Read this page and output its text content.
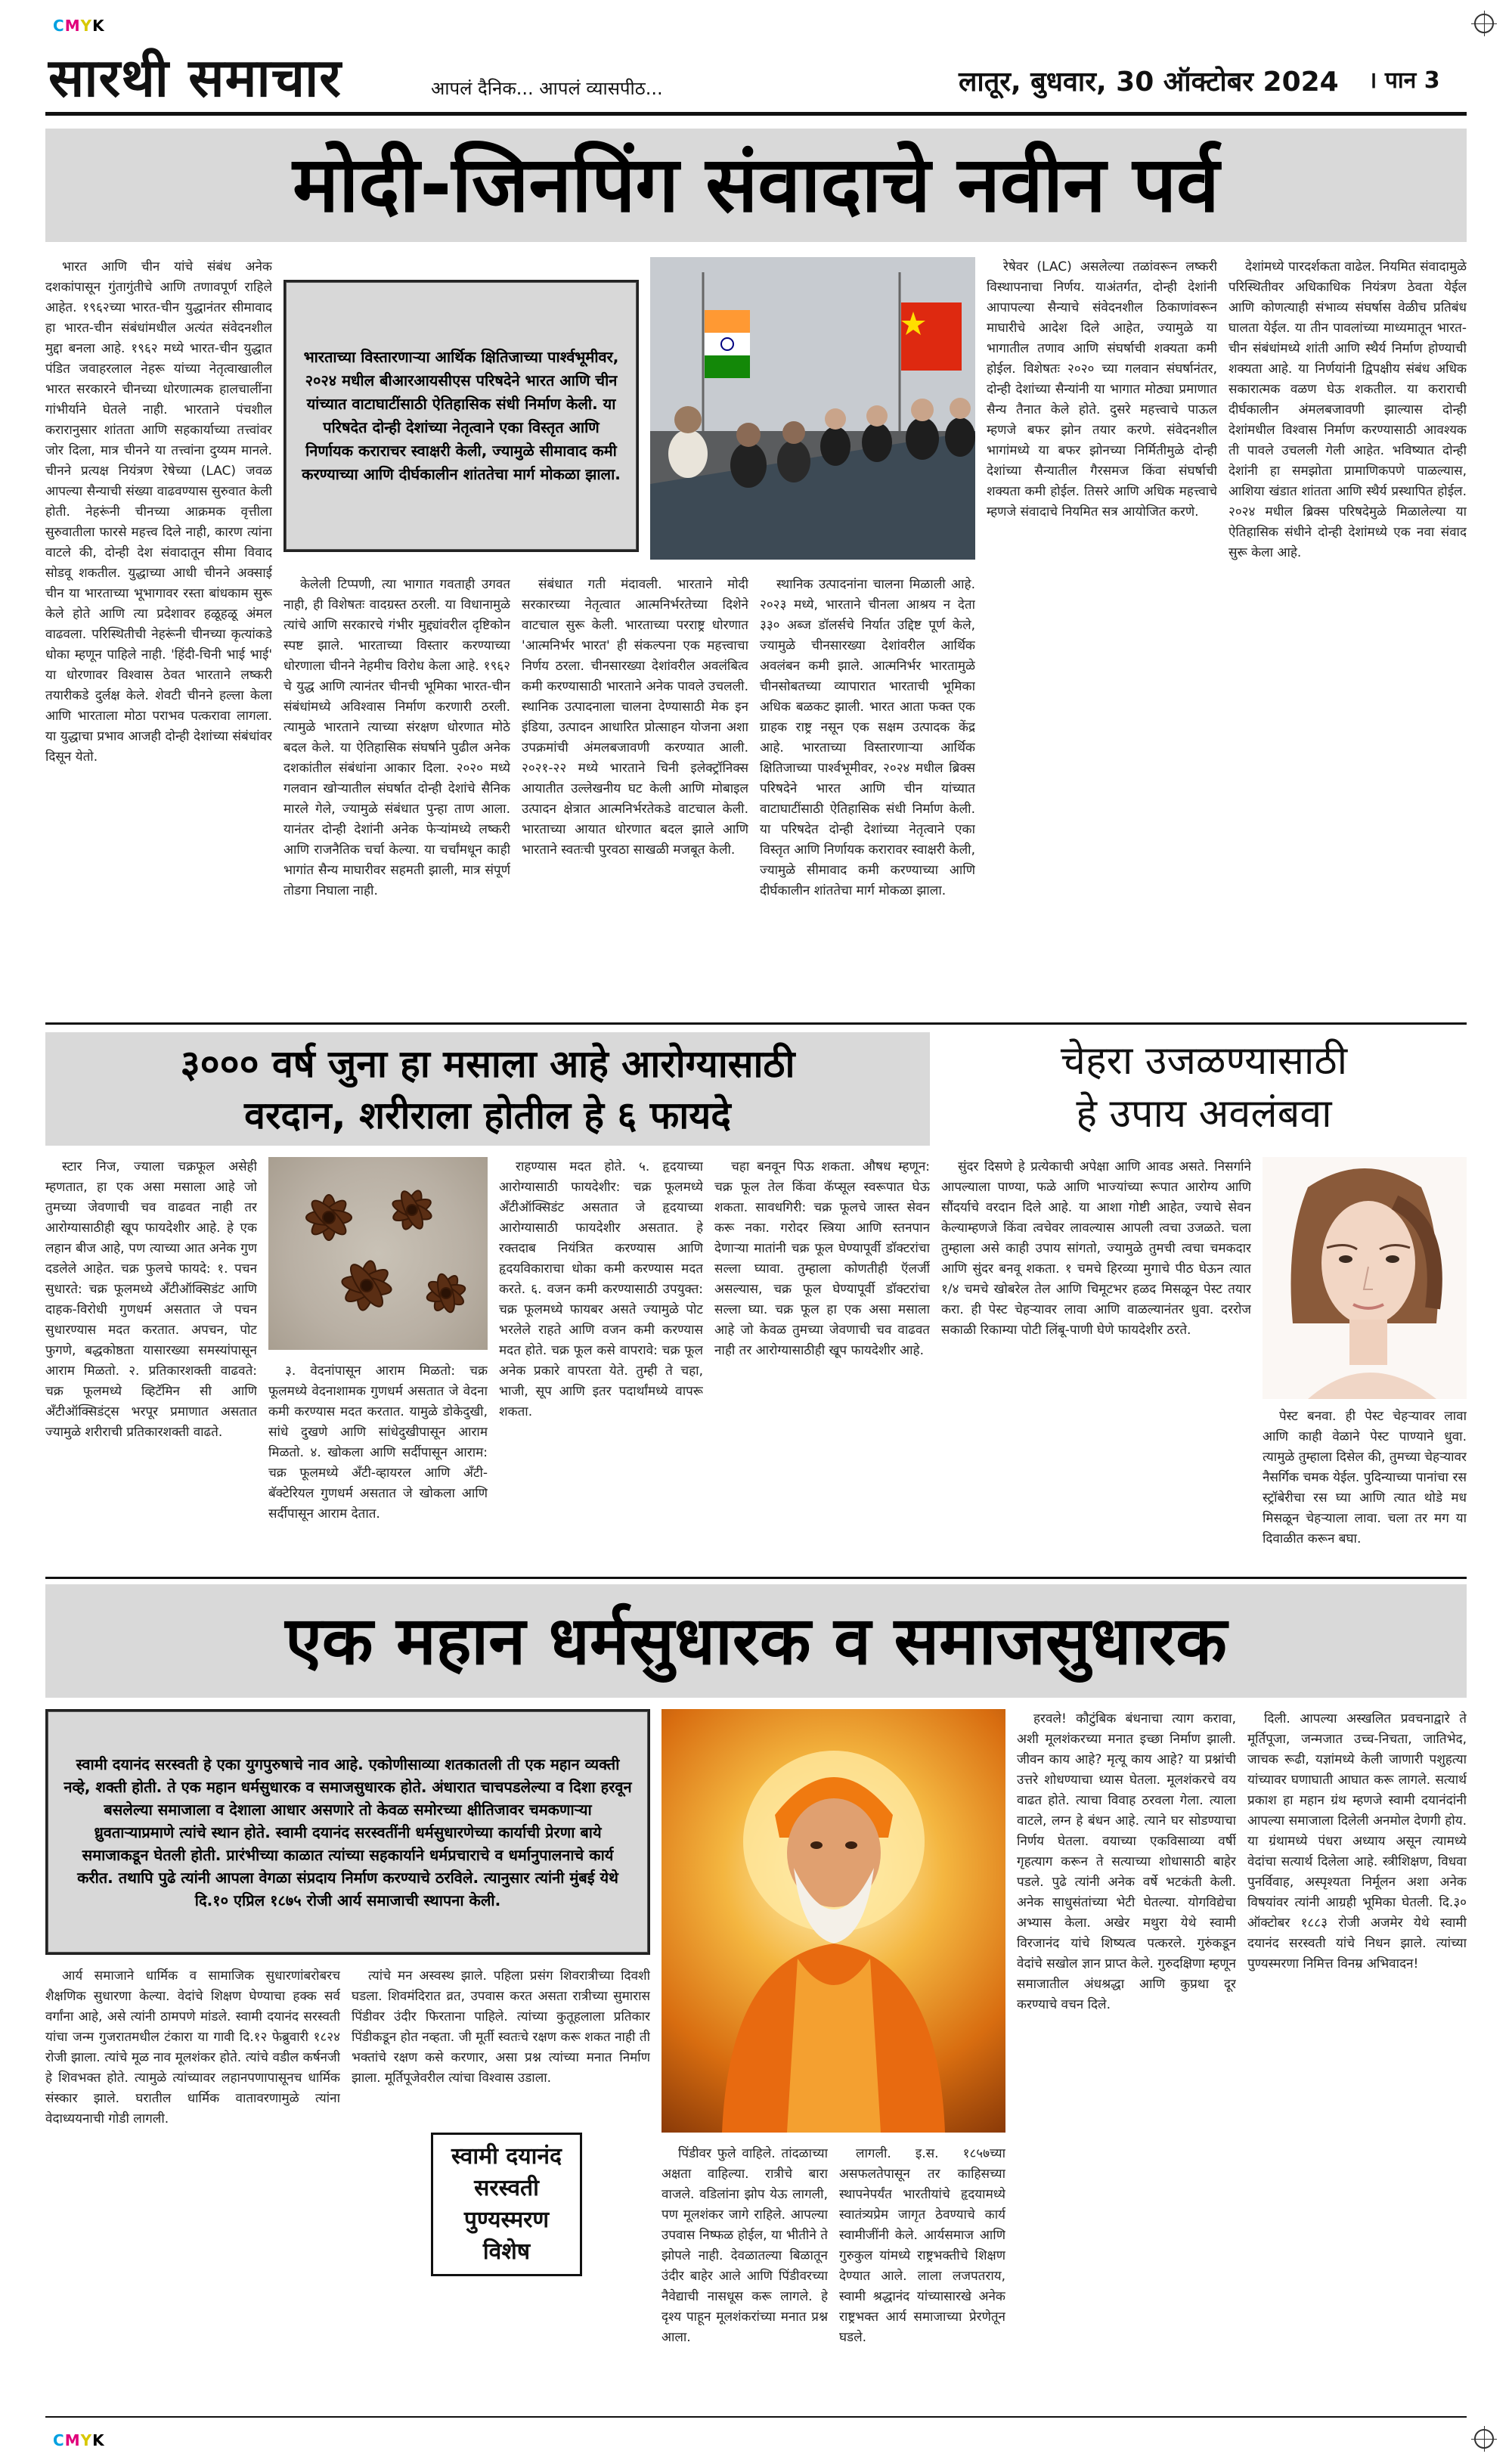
CMYK
सारथी समाचार	आपलं दैनिक... आपलं व्यासपीठ...	लातूर, बुधवार, 30 ऑक्टोबर 2024 । पान 3
मोदी-जिनपिंग संवादाचे नवीन पर्व

भारत आणि चीन यांचे संबंध अनेक दशकांपासून गुंतागुंतीचे आणि तणावपूर्ण राहिले आहेत. १९६२च्या भारत-चीन युद्धानंतर सीमावाद हा भारत-चीन संबंधांमधील अत्यंत संवेदनशील मुद्दा बनला आहे. १९६२ मध्ये भारत-चीन युद्धात पंडित जवाहरलाल नेहरू यांच्या नेतृत्वाखालील भारत सरकारने चीनच्या धोरणात्मक हालचालींना गांभीर्याने घेतले नाही. भारताने पंचशील करारानुसार शांतता आणि सहकार्याच्या तत्त्वांवर जोर दिला, मात्र चीनने या तत्त्वांना दुय्यम मानले. चीनने प्रत्यक्ष नियंत्रण रेषेच्या (LAC) जवळ आपल्या सैन्याची संख्या वाढवण्यास सुरुवात केली होती. नेहरूंनी चीनच्या आक्रमक वृत्तीला सुरुवातीला फारसे महत्त्व दिले नाही, कारण त्यांना वाटले की, दोन्ही देश संवादातून सीमा विवाद सोडवू शकतील. युद्धाच्या आधी चीनने अक्साई चीन या भारताच्या भूभागावर रस्ता बांधकाम सुरू केले होते आणि त्या प्रदेशावर हळूहळू अंमल वाढवला. परिस्थितीची नेहरूंनी चीनच्या कृत्यांकडे धोका म्हणून पाहिले नाही. 'हिंदी-चिनी भाई भाई' या धोरणावर विश्वास ठेवत भारताने लष्करी तयारीकडे दुर्लक्ष केले. शेवटी चीनने हल्ला केला आणि भारताला मोठा पराभव पत्करावा लागला. या युद्धाचा प्रभाव आजही दोन्ही देशांच्या संबंधांवर दिसून येतो.

भारताच्या विस्तारणाऱ्या आर्थिक क्षितिजाच्या पार्श्वभूमीवर, २०२४ मधील बीआरआयसीएस परिषदेने भारत आणि चीन यांच्यात वाटाघाटींसाठी ऐतिहासिक संधी निर्माण केली. या परिषदेत दोन्ही देशांच्या नेतृत्वाने एका विस्तृत आणि निर्णायक कराराचर स्वाक्षरी केली, ज्यामुळे सीमावाद कमी करण्याच्या आणि दीर्घकालीन शांततेचा मार्ग मोकळा झाला.

केलेली टिप्पणी, त्या भागात गवताही उगवत नाही, ही विशेषतः वादग्रस्त ठरली. या विधानामुळे त्यांचे आणि सरकारचे गंभीर मुद्द्यांवरील दृष्टिकोन स्पष्ट झाले. भारताच्या विस्तार करण्याच्या धोरणाला चीनने नेहमीच विरोध केला आहे. १९६२ चे युद्ध आणि त्यानंतर चीनची भूमिका भारत-चीन संबंधांमध्ये अविश्वास निर्माण करणारी ठरली. त्यामुळे भारताने त्याच्या संरक्षण धोरणात मोठे बदल केले. या ऐतिहासिक संघर्षाने पुढील अनेक दशकांतील संबंधांना आकार दिला. २०२० मध्ये गलवान खोऱ्यातील संघर्षात दोन्ही देशांचे सैनिक मारले गेले, ज्यामुळे संबंधात पुन्हा ताण आला. यानंतर दोन्ही देशांनी अनेक फेऱ्यांमध्ये लष्करी आणि राजनैतिक चर्चा केल्या. या चर्चांमधून काही भागांत सैन्य माघारीवर सहमती झाली, मात्र संपूर्ण तोडगा निघाला नाही.

संबंधात गती मंदावली. भारताने मोदी सरकारच्या नेतृत्वात आत्मनिर्भरतेच्या दिशेने वाटचाल सुरू केली. भारताच्या परराष्ट्र धोरणात 'आत्मनिर्भर भारत' ही संकल्पना एक महत्त्वाचा निर्णय ठरला. चीनसारख्या देशांवरील अवलंबित्व कमी करण्यासाठी भारताने अनेक पावले उचलली. स्थानिक उत्पादनाला चालना देण्यासाठी मेक इन इंडिया, उत्पादन आधारित प्रोत्साहन योजना अशा उपक्रमांची अंमलबजावणी करण्यात आली. २०२१-२२ मध्ये भारताने चिनी इलेक्ट्रॉनिक्स आयातीत उल्लेखनीय घट केली आणि मोबाइल उत्पादन क्षेत्रात आत्मनिर्भरतेकडे वाटचाल केली. भारताच्या आयात धोरणात बदल झाले आणि भारताने स्वतःची पुरवठा साखळी मजबूत केली.

स्थानिक उत्पादनांना चालना मिळाली आहे. २०२३ मध्ये, भारताने चीनला आश्रय न देता ३३० अब्ज डॉलर्सचे निर्यात उद्दिष्ट पूर्ण केले, ज्यामुळे चीनसारख्या देशांवरील आर्थिक अवलंबन कमी झाले. आत्मनिर्भर भारतामुळे चीनसोबतच्या व्यापारात भारताची भूमिका अधिक बळकट झाली. भारत आता फक्त एक ग्राहक राष्ट्र नसून एक सक्षम उत्पादक केंद्र आहे. भारताच्या विस्तारणाऱ्या आर्थिक क्षितिजाच्या पार्श्वभूमीवर, २०२४ मधील ब्रिक्स परिषदेने भारत आणि चीन यांच्यात वाटाघाटींसाठी ऐतिहासिक संधी निर्माण केली. या परिषदेत दोन्ही देशांच्या नेतृत्वाने एका विस्तृत आणि निर्णायक करारावर स्वाक्षरी केली, ज्यामुळे सीमावाद कमी करण्याच्या आणि दीर्घकालीन शांततेचा मार्ग मोकळा झाला.

रेषेवर (LAC) असलेल्या तळांवरून लष्करी विस्थापनाचा निर्णय. याअंतर्गत, दोन्ही देशांनी आपापल्या सैन्याचे संवेदनशील ठिकाणांवरून माघारीचे आदेश दिले आहेत, ज्यामुळे या भागातील तणाव आणि संघर्षाची शक्यता कमी होईल. विशेषतः २०२० च्या गलवान संघर्षानंतर, दोन्ही देशांच्या सैन्यांनी या भागात मोठ्या प्रमाणात सैन्य तैनात केले होते. दुसरे महत्त्वाचे पाऊल म्हणजे बफर झोन तयार करणे. संवेदनशील भागांमध्ये या बफर झोनच्या निर्मितीमुळे दोन्ही देशांच्या सैन्यातील गैरसमज किंवा संघर्षाची शक्यता कमी होईल. तिसरे आणि अधिक महत्त्वाचे म्हणजे संवादाचे नियमित सत्र आयोजित करणे.

देशांमध्ये पारदर्शकता वाढेल. नियमित संवादामुळे परिस्थितीवर अधिकाधिक नियंत्रण ठेवता येईल आणि कोणत्याही संभाव्य संघर्षास वेळीच प्रतिबंध घालता येईल. या तीन पावलांच्या माध्यमातून भारत-चीन संबंधांमध्ये शांती आणि स्थैर्य निर्माण होण्याची शक्यता आहे. या निर्णयांनी द्विपक्षीय संबंध अधिक सकारात्मक वळण घेऊ शकतील. या कराराची दीर्घकालीन अंमलबजावणी झाल्यास दोन्ही देशांमधील विश्वास निर्माण करण्यासाठी आवश्यक ती पावले उचलली गेली आहेत. भविष्यात दोन्ही देशांनी हा समझोता प्रामाणिकपणे पाळल्यास, आशिया खंडात शांतता आणि स्थैर्य प्रस्थापित होईल. २०२४ मधील ब्रिक्स परिषदेमुळे मिळालेल्या या ऐतिहासिक संधीने दोन्ही देशांमध्ये एक नवा संवाद सुरू केला आहे.

३००० वर्ष जुना हा मसाला आहे आरोग्यासाठी
वरदान, शरीराला होतील हे ६ फायदे

स्टार निज, ज्याला चक्रफूल असेही म्हणतात, हा एक असा मसाला आहे जो तुमच्या जेवणाची चव वाढवत नाही तर आरोग्यासाठीही खूप फायदेशीर आहे. हे एक लहान बीज आहे, पण त्याच्या आत अनेक गुण दडलेले आहेत. चक्र फुलचे फायदे: १. पचन सुधारते: चक्र फूलमध्ये अँटीऑक्सिडंट आणि दाहक-विरोधी गुणधर्म असतात जे पचन सुधारण्यास मदत करतात. अपचन, पोट फुगणे, बद्धकोष्ठता यासारख्या समस्यांपासून आराम मिळतो. २. प्रतिकारशक्ती वाढवते: चक्र फूलमध्ये व्हिटॅमिन सी आणि अँटीऑक्सिडंट्स भरपूर प्रमाणात असतात ज्यामुळे शरीराची प्रतिकारशक्ती वाढते.

३. वेदनांपासून आराम मिळतो: चक्र फूलमध्ये वेदनाशामक गुणधर्म असतात जे वेदना कमी करण्यास मदत करतात. यामुळे डोकेदुखी, सांधे दुखणे आणि सांधेदुखीपासून आराम मिळतो. ४. खोकला आणि सर्दीपासून आराम: चक्र फूलमध्ये अँटी-व्हायरल आणि अँटी-बॅक्टेरियल गुणधर्म असतात जे खोकला आणि सर्दीपासून आराम देतात.

राहण्यास मदत होते. ५. हृदयाच्या आरोग्यासाठी फायदेशीर: चक्र फूलमध्ये अँटीऑक्सिडंट असतात जे हृदयाच्या आरोग्यासाठी फायदेशीर असतात. हे रक्तदाब नियंत्रित करण्यास आणि हृदयविकाराचा धोका कमी करण्यास मदत करते. ६. वजन कमी करण्यासाठी उपयुक्त: चक्र फूलमध्ये फायबर असते ज्यामुळे पोट भरलेले राहते आणि वजन कमी करण्यास मदत होते. चक्र फूल कसे वापरावे: चक्र फूल अनेक प्रकारे वापरता येते. तुम्ही ते चहा, भाजी, सूप आणि इतर पदार्थांमध्ये वापरू शकता.

चहा बनवून पिऊ शकता. औषध म्हणून: चक्र फूल तेल किंवा कॅप्सूल स्वरूपात घेऊ शकता. सावधगिरी: चक्र फूलचे जास्त सेवन करू नका. गरोदर स्त्रिया आणि स्तनपान देणाऱ्या मातांनी चक्र फूल घेण्यापूर्वी डॉक्टरांचा सल्ला घ्यावा. तुम्हाला कोणतीही ऍलर्जी असल्यास, चक्र फूल घेण्यापूर्वी डॉक्टरांचा सल्ला घ्या. चक्र फूल हा एक असा मसाला आहे जो केवळ तुमच्या जेवणाची चव वाढवत नाही तर आरोग्यासाठीही खूप फायदेशीर आहे.

चेहरा उजळण्यासाठी
हे उपाय अवलंबवा

सुंदर दिसणे हे प्रत्येकाची अपेक्षा आणि आवड असते. निसर्गाने आपल्याला पाण्या, फळे आणि भाज्यांच्या रूपात आरोग्य आणि सौंदर्याचे वरदान दिले आहे. या आशा गोष्टी आहेत, ज्याचे सेवन केल्याम्हणजे किंवा त्वचेवर लावल्यास आपली त्वचा उजळते. चला तुम्हाला असे काही उपाय सांगतो, ज्यामुळे तुमची त्वचा चमकदार आणि सुंदर बनवू शकता. १ चमचे हिरव्या मुगाचे पीठ घेऊन त्यात १/४ चमचे खोबरेल तेल आणि चिमूटभर हळद मिसळून पेस्ट तयार करा. ही पेस्ट चेहऱ्यावर लावा आणि वाळल्यानंतर धुवा. दररोज सकाळी रिकाम्या पोटी लिंबू-पाणी घेणे फायदेशीर ठरते.

पेस्ट बनवा. ही पेस्ट चेहऱ्यावर लावा आणि काही वेळाने पेस्ट पाण्याने धुवा. त्यामुळे तुम्हाला दिसेल की, तुमच्या चेहऱ्यावर नैसर्गिक चमक येईल. पुदिन्याच्या पानांचा रस स्ट्रॉबेरीचा रस घ्या आणि त्यात थोडे मध मिसळून चेहऱ्याला लावा. चला तर मग या दिवाळीत करून बघा.

एक महान धर्मसुधारक व समाजसुधारक
स्वामी दयानंद सरस्वती हे एका युगपुरुषाचे नाव आहे. एकोणीसाव्या शतकातली ती एक महान व्यक्ती नव्हे, शक्ती होती. ते एक महान धर्मसुधारक व समाजसुधारक होते. अंधारात चाचपडलेल्या व दिशा हरवून बसलेल्या समाजाला व देशाला आधार असणारे तो केवळ समोरच्या क्षीतिजावर चमकणाऱ्या ध्रुवताऱ्याप्रमाणे त्यांचे स्थान होते. स्वामी दयानंद सरस्वतींनी धर्मसुधारणेच्या कार्याची प्रेरणा बाये समाजाकडून घेतली होती. प्रारंभीच्या काळात त्यांच्या सहकार्याने धर्मप्रचाराचे व धर्मानुपालनाचे कार्य करीत. तथापि पुढे त्यांनी आपला वेगळा संप्रदाय निर्माण करण्याचे ठरविले. त्यानुसार त्यांनी मुंबई येथे दि.१० एप्रिल १८७५ रोजी आर्य समाजाची स्थापना केली.

हरवले! कौटुंबिक बंधनाचा त्याग करावा, अशी मूलशंकरच्या मनात इच्छा निर्माण झाली. जीवन काय आहे? मृत्यू काय आहे? या प्रश्नांची उत्तरे शोधण्याचा ध्यास घेतला. मूलशंकरचे वय वाढत होते. त्याचा विवाह ठरवला गेला. त्याला वाटले, लग्न हे बंधन आहे. त्याने घर सोडण्याचा निर्णय घेतला. वयाच्या एकविसाव्या वर्षी गृहत्याग करून ते सत्याच्या शोधासाठी बाहेर पडले. पुढे त्यांनी अनेक वर्षे भटकंती केली. अनेक साधुसंतांच्या भेटी घेतल्या. योगविद्येचा अभ्यास केला. अखेर मथुरा येथे स्वामी विरजानंद यांचे शिष्यत्व पत्करले. गुरुंकडून वेदांचे सखोल ज्ञान प्राप्त केले. गुरुदक्षिणा म्हणून समाजातील अंधश्रद्धा आणि कुप्रथा दूर करण्याचे वचन दिले.

दिली. आपल्या अस्खलित प्रवचनाद्वारे ते मूर्तिपूजा, जन्मजात उच्च-निचता, जातिभेद, जाचक रूढी, यज्ञांमध्ये केली जाणारी पशुहत्या यांच्यावर घणाघाती आघात करू लागले. सत्यार्थ प्रकाश हा महान ग्रंथ म्हणजे स्वामी दयानंदांनी आपल्या समाजाला दिलेली अनमोल देणगी होय. या ग्रंथामध्ये पंधरा अध्याय असून त्यामध्ये वेदांचा सत्यार्थ दिलेला आहे. स्त्रीशिक्षण, विधवा पुनर्विवाह, अस्पृश्यता निर्मूलन अशा अनेक विषयांवर त्यांनी आग्रही भूमिका घेतली. दि.३० ऑक्टोबर १८८३ रोजी अजमेर येथे स्वामी दयानंद सरस्वती यांचे निधन झाले. त्यांच्या पुण्यस्मरणा निमित्त विनम्र अभिवादन!

आर्य समाजाने धार्मिक व सामाजिक सुधारणांबरोबरच शैक्षणिक सुधारणा केल्या. वेदांचे शिक्षण घेण्याचा हक्क सर्व वर्गांना आहे, असे त्यांनी ठामपणे मांडले. स्वामी दयानंद सरस्वती यांचा जन्म गुजरातमधील टंकारा या गावी दि.१२ फेब्रुवारी १८२४ रोजी झाला. त्यांचे मूळ नाव मूलशंकर होते. त्यांचे वडील कर्षनजी हे शिवभक्त होते. त्यामुळे त्यांच्यावर लहानपणापासूनच धार्मिक संस्कार झाले. घरातील धार्मिक वातावरणामुळे त्यांना वेदाध्ययनाची गोडी लागली.

त्यांचे मन अस्वस्थ झाले. पहिला प्रसंग शिवरात्रीच्या दिवशी घडला. शिवमंदिरात व्रत, उपवास करत असता रात्रीच्या सुमारास पिंडीवर उंदीर फिरताना पाहिले. त्यांच्या कुतूहलाला प्रतिकार पिंडीकडून होत नव्हता. जी मूर्ती स्वतःचे रक्षण करू शकत नाही ती भक्तांचे रक्षण कसे करणार, असा प्रश्न त्यांच्या मनात निर्माण झाला. मूर्तिपूजेवरील त्यांचा विश्वास उडाला.

स्वामी दयानंद
सरस्वती
पुण्यस्मरण
विशेष

पिंडीवर फुले वाहिले. तांदळाच्या अक्षता वाहिल्या. रात्रीचे बारा वाजले. वडिलांना झोप येऊ लागली, पण मूलशंकर जागे राहिले. आपल्या उपवास निष्फळ होईल, या भीतीने ते झोपले नाही. देवळातल्या बिळातून उंदीर बाहेर आले आणि पिंडीवरच्या नैवेद्याची नासधूस करू लागले. हे दृश्य पाहून मूलशंकरांच्या मनात प्रश्न आला.

लागली. इ.स. १८५७च्या असफलतेपासून तर काहिसच्या स्थापनेपर्यंत भारतीयांचे हृदयामध्ये स्वातंत्र्यप्रेम जागृत ठेवण्याचे कार्य स्वामीजींनी केले. आर्यसमाज आणि गुरुकुल यांमध्ये राष्ट्रभक्तीचे शिक्षण देण्यात आले. लाला लजपतराय, स्वामी श्रद्धानंद यांच्यासारखे अनेक राष्ट्रभक्त आर्य समाजाच्या प्रेरणेतून घडले.

CMYK
